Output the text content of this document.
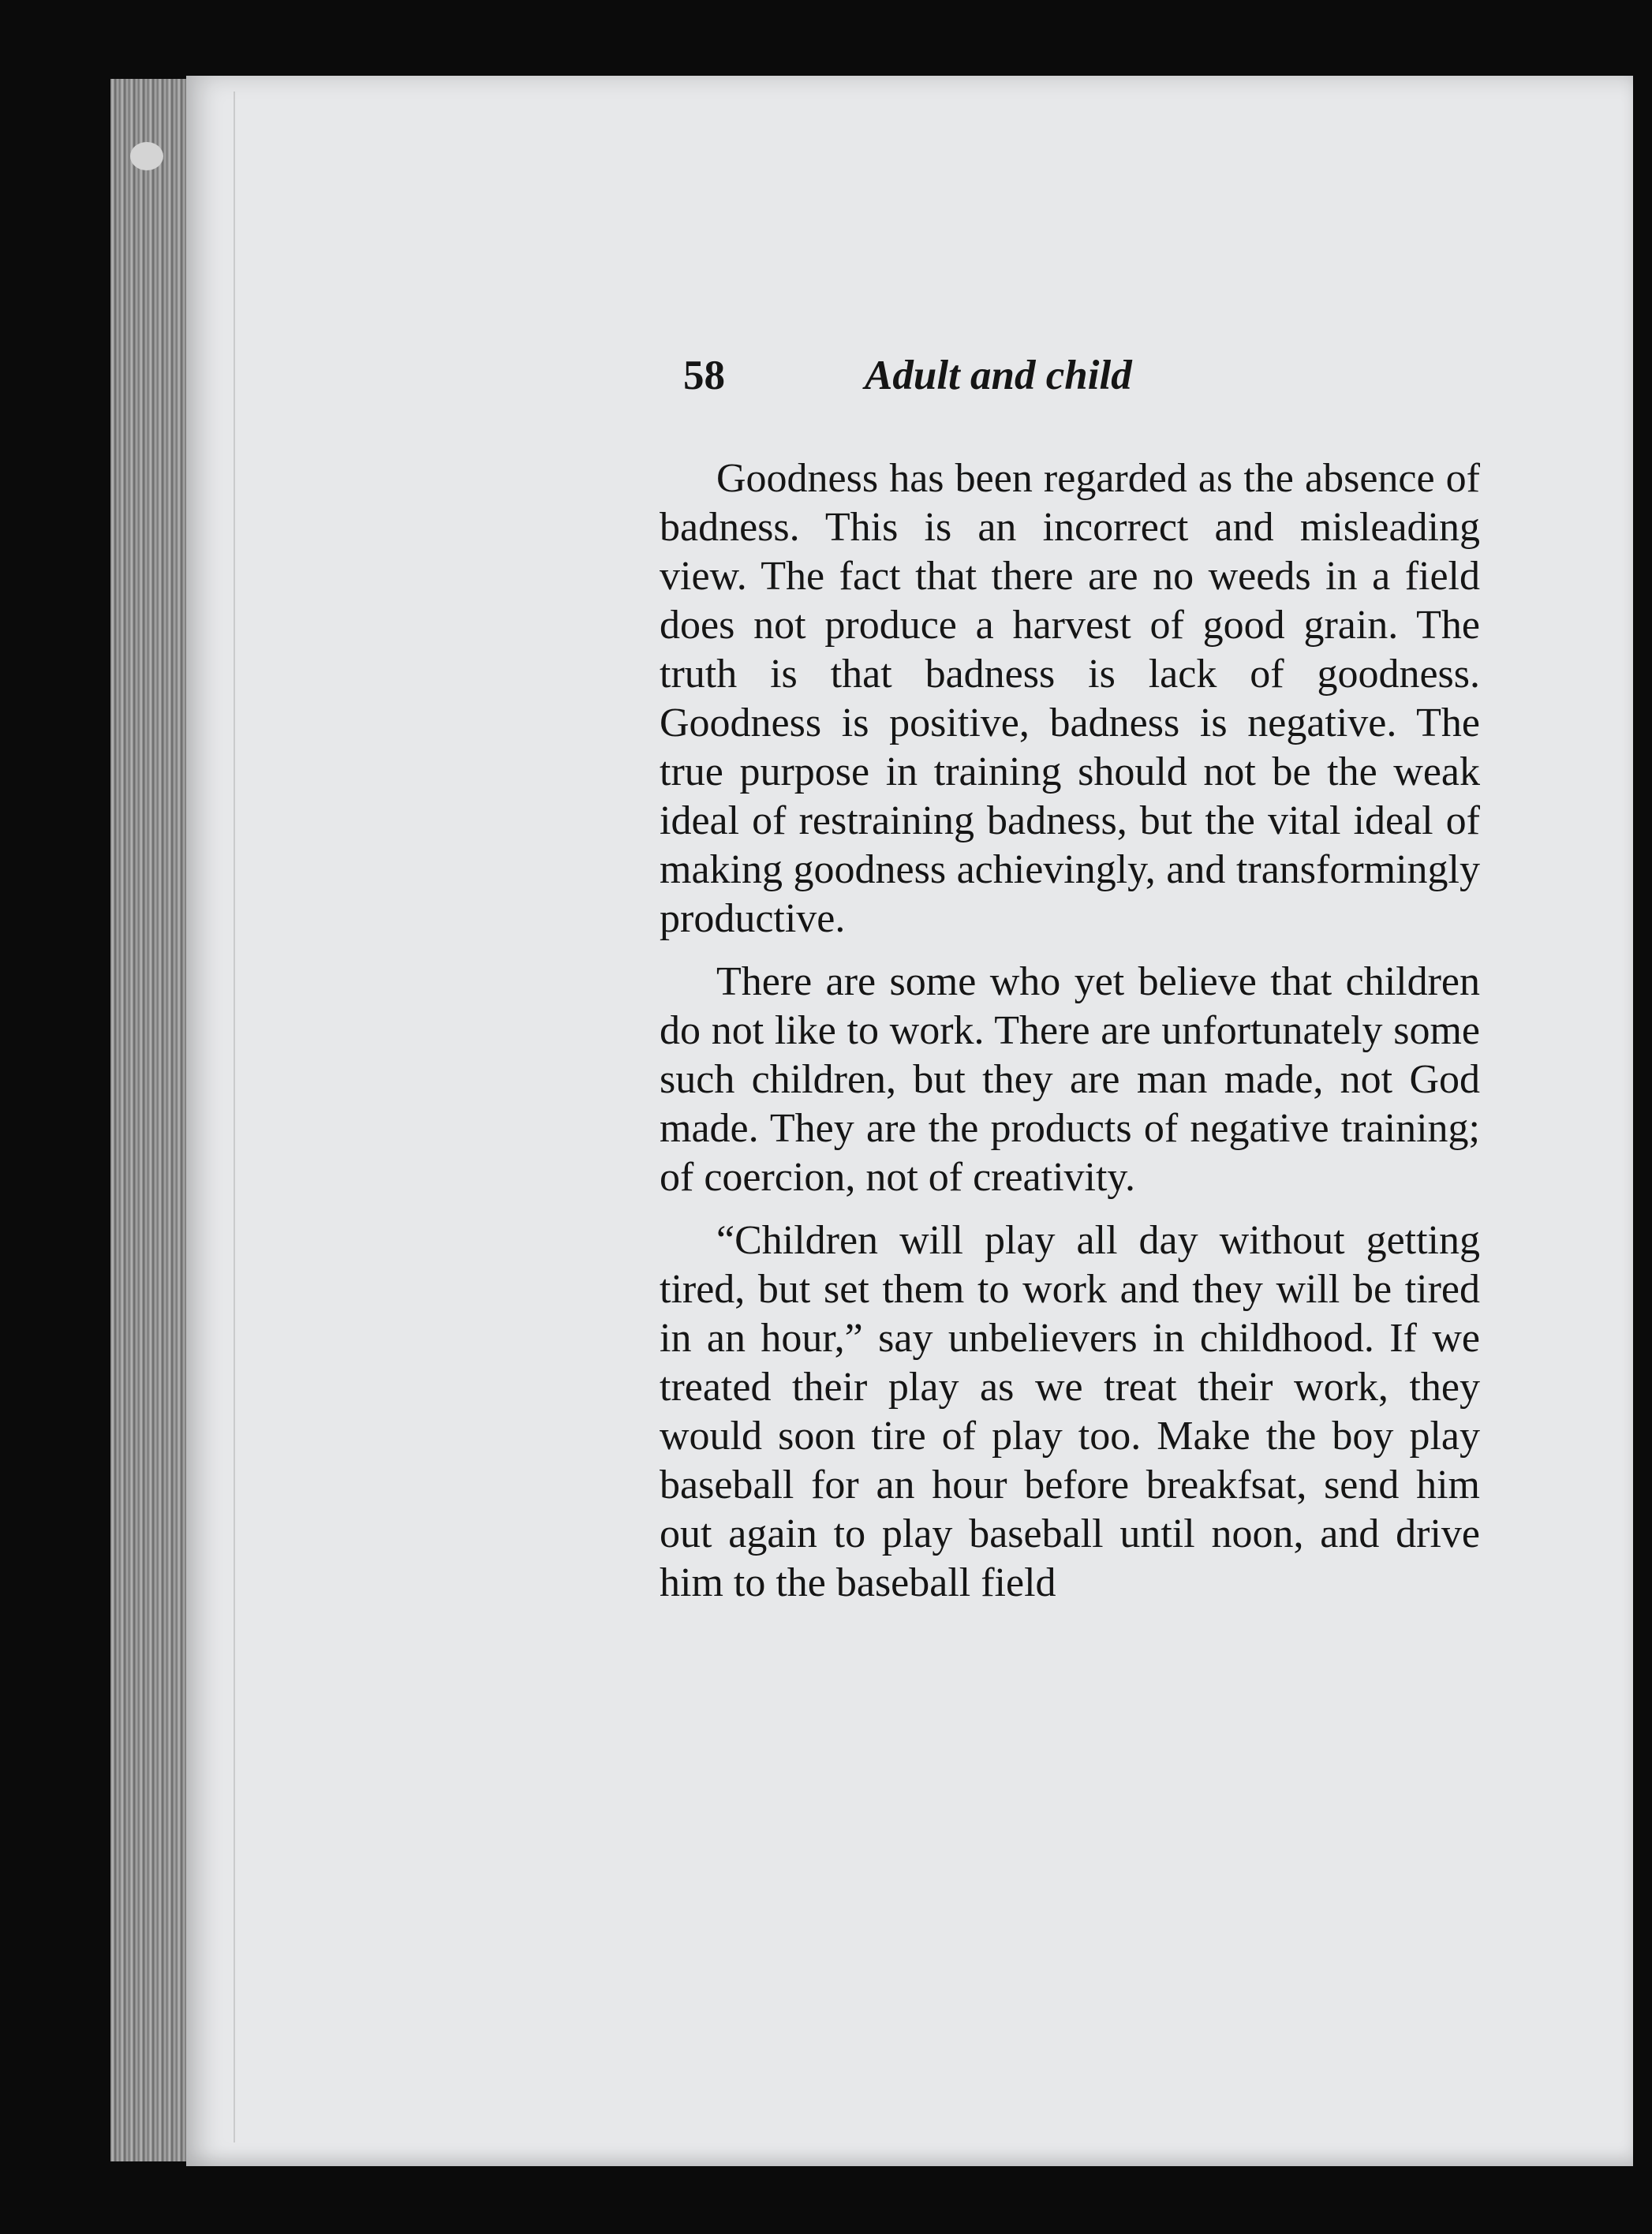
58	Adult and child

Goodness has been regarded as the absence of badness. This is an incorrect and misleading view. The fact that there are no weeds in a field does not produce a harvest of good grain. The truth is that badness is lack of goodness. Goodness is positive, badness is negative. The true purpose in training should not be the weak ideal of restraining badness, but the vital ideal of making goodness achievingly, and transformingly productive.

There are some who yet believe that children do not like to work. There are unfortunately some such children, but they are man made, not God made. They are the products of negative training; of coercion, not of creativity.

“Children will play all day without getting tired, but set them to work and they will be tired in an hour,” say unbelievers in childhood. If we treated their play as we treat their work, they would soon tire of play too. Make the boy play baseball for an hour before breakfsat, send him out again to play baseball until noon, and drive him to the baseball field
